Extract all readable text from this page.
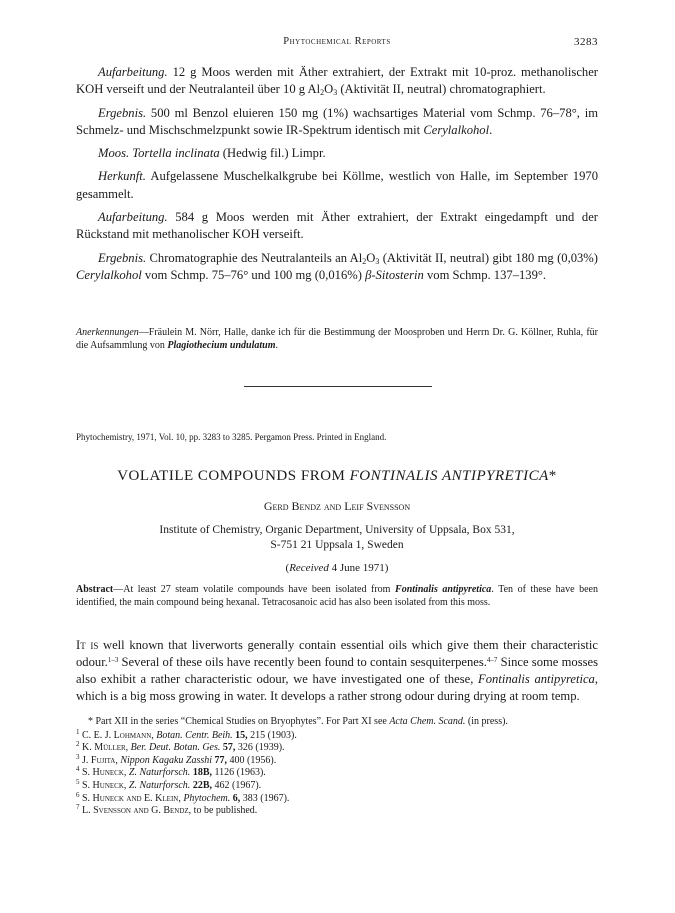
Phytochemical Reports	3283

Aufarbeitung. 12 g Moos werden mit Äther extrahiert, der Extrakt mit 10-proz. methanolischer KOH verseift und der Neutralanteil über 10 g $Al_2O_3$ (Aktivität II, neutral) chromatographiert.

Ergebnis. 500 ml Benzol eluieren 150 mg (1%) wachsartiges Material vom Schmp. 76–78°, im Schmelz- und Mischschmelzpunkt sowie IR-Spektrum identisch mit Cerylalkohol.

Moos. Tortella inclinata (Hedwig fil.) Limpr.

Herkunft. Aufgelassene Muschelkalkgrube bei Köllme, westlich von Halle, im September 1970 gesammelt.

Aufarbeitung. 584 g Moos werden mit Äther extrahiert, der Extrakt eingedampft und der Rückstand mit methanolischer KOH verseift.

Ergebnis. Chromatographie des Neutralanteils an $Al_2O_3$ (Aktivität II, neutral) gibt 180 mg (0,03%) Cerylalkohol vom Schmp. 75–76° und 100 mg (0,016%) β-Sitosterin vom Schmp. 137–139°.

Anerkennungen—Fräulein M. Nörr, Halle, danke ich für die Bestimmung der Moosproben und Herrn Dr. G. Köllner, Ruhla, für die Aufsammlung von Plagiothecium undulatum.
Phytochemistry, 1971, Vol. 10, pp. 3283 to 3285. Pergamon Press. Printed in England.
VOLATILE COMPOUNDS FROM FONTINALIS ANTIPYRETICA*
Gerd Bendz and Leif Svensson
Institute of Chemistry, Organic Department, University of Uppsala, Box 531,
S-751 21 Uppsala 1, Sweden
(Received 4 June 1971)
Abstract—At least 27 steam volatile compounds have been isolated from Fontinalis antipyretica. Ten of these have been identified, the main compound being hexanal. Tetracosanoic acid has also been isolated from this moss.
It is well known that liverworts generally contain essential oils which give them their characteristic odour.$^{1-3}$ Several of these oils have recently been found to contain sesquiterpenes.$^{4-7}$ Since some mosses also exhibit a rather characteristic odour, we have investigated one of these, Fontinalis antipyretica, which is a big moss growing in water. It develops a rather strong odour during drying at room temp.

* Part XII in the series “Chemical Studies on Bryophytes”. For Part XI see Acta Chem. Scand. (in press).

$^1$ C. E. J. Lohmann, Botan. Centr. Beih. 15, 215 (1903).

$^2$ K. Müller, Ber. Deut. Botan. Ges. 57, 326 (1939).

$^3$ J. Fujita, Nippon Kagaku Zasshi 77, 400 (1956).

$^4$ S. Huneck, Z. Naturforsch. 18B, 1126 (1963).

$^5$ S. Huneck, Z. Naturforsch. 22B, 462 (1967).

$^6$ S. Huneck and E. Klein, Phytochem. 6, 383 (1967).

$^7$ L. Svensson and G. Bendz, to be published.
